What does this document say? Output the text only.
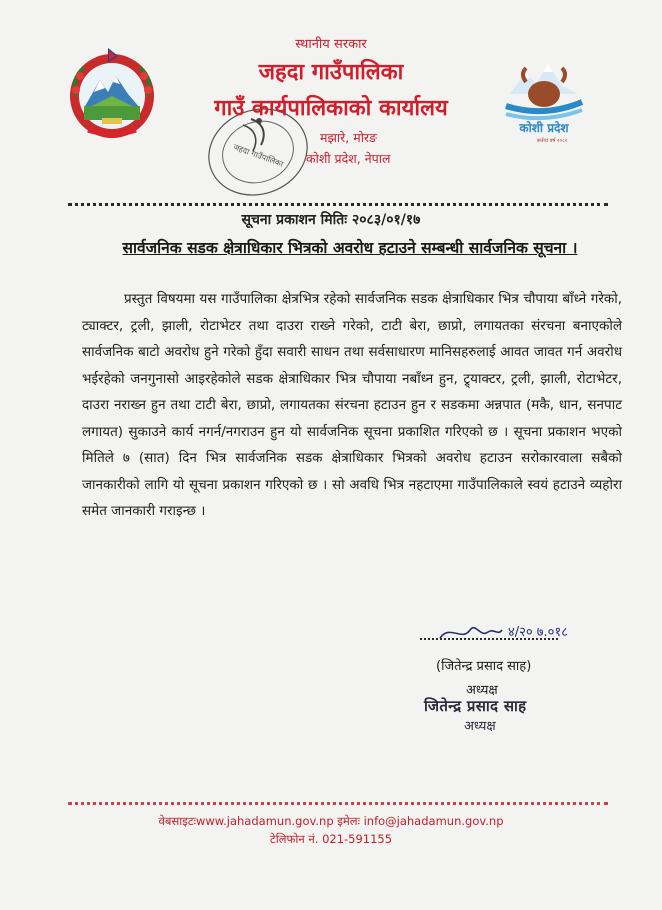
जहदा गाउँपालिका
कोशी प्रदेश
कर्तव्य वर्ष २०८२
स्थानीय सरकार
जहदा गाउँपालिका
गाउँ कार्यपालिकाको कार्यालय
मझारे, मोरङ
कोशी प्रदेश, नेपाल
सूचना प्रकाशन मितिः २०८३/०१/१७
सार्वजनिक सडक क्षेत्राधिकार भित्रको अवरोध हटाउने सम्बन्धी सार्वजनिक सूचना ।
प्रस्तुत विषयमा यस गाउँपालिका क्षेत्रभित्र रहेको सार्वजनिक सडक क्षेत्राधिकार भित्र चौपाया बाँध्ने गरेको, ट्याक्टर, ट्रली, झाली, रोटाभेटर तथा दाउरा राख्ने गरेको, टाटी बेरा, छाप्रो, लगायतका संरचना बनाएकोले सार्वजनिक बाटो अवरोध हुने गरेको हुँदा सवारी साधन तथा सर्वसाधारण मानिसहरुलाई आवत जावत गर्न अवरोध भईरहेको जनगुनासो आइरहेकोले सडक क्षेत्राधिकार भित्र चौपाया नबाँध्न हुन, ट्र्याक्टर, ट्रली, झाली, रोटाभेटर, दाउरा नराख्न हुन तथा टाटी बेरा, छाप्रो, लगायतका संरचना हटाउन हुन र सडकमा अन्नपात (मकै, धान, सनपाट लगायत) सुकाउने कार्य नगर्न/नगराउन हुन यो सार्वजनिक सूचना प्रकाशित गरिएको छ । सूचना प्रकाशन भएको मितिले ७ (सात) दिन भित्र सार्वजनिक सडक क्षेत्राधिकार भित्रको अवरोध हटाउन सरोकारवाला सबैको जानकारीको लागि यो सूचना प्रकाशन गरिएको छ । सो अवधि भित्र नहटाएमा गाउँपालिकाले स्वयं हटाउने व्यहोरा समेत जानकारी गराइन्छ ।
४/२० ७.०१८
(जितेन्द्र प्रसाद साह)
अध्यक्ष
जितेन्द्र प्रसाद साह
अध्यक्ष
वेबसाइटःwww.jahadamun.gov.np इमेलः info@jahadamun.gov.np
टेलिफोन नं. 021-591155
